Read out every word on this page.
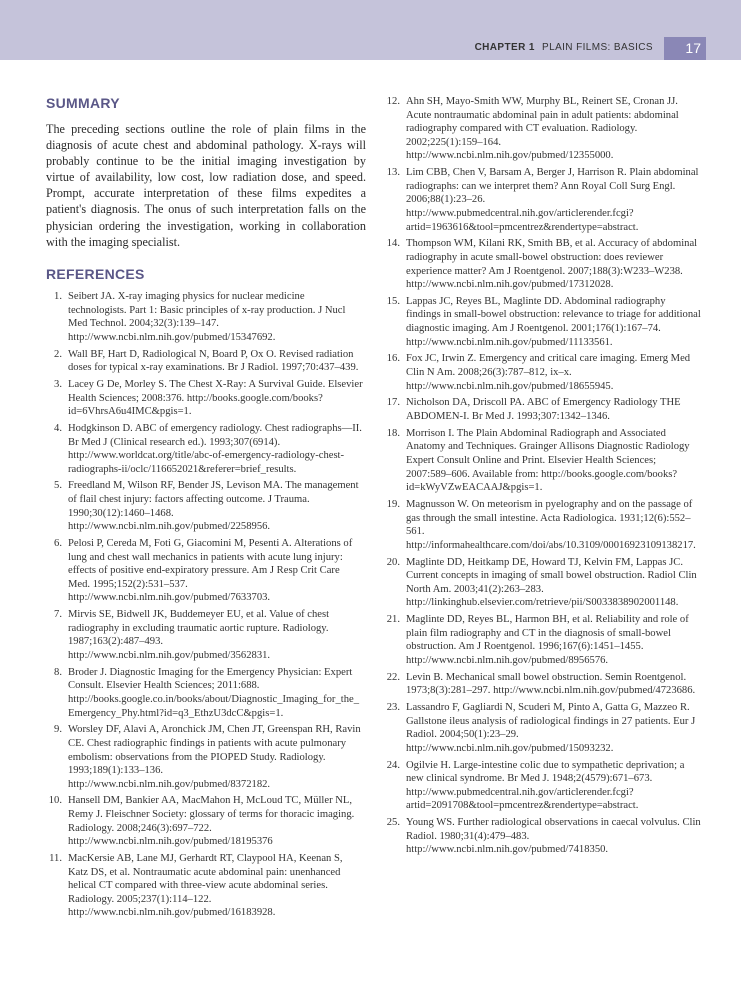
CHAPTER 1 PLAIN FILMS: BASICS 17
SUMMARY

The preceding sections outline the role of plain films in the diagnosis of acute chest and abdominal pathology. X-rays will probably continue to be the initial imaging investigation by virtue of availability, low cost, low radiation dose, and speed. Prompt, accurate interpretation of these films expedites a patient's diagnosis. The onus of such interpretation falls on the physician ordering the investigation, working in collaboration with the imaging specialist.

REFERENCES
1. Seibert JA. X-ray imaging physics for nuclear medicine technologists. Part 1: Basic principles of x-ray production. J Nucl Med Technol. 2004;32(3):139–147. http://www.ncbi.nlm.nih.gov/pubmed/15347692.
2. Wall BF, Hart D, Radiological N, Board P, Ox O. Revised radiation doses for typical x-ray examinations. Br J Radiol. 1997;70:437–439.
3. Lacey G De, Morley S. The Chest X-Ray: A Survival Guide. Elsevier Health Sciences; 2008:376. http://books.google.com/books?id=6VhrsA6u4IMC&pgis=1.
4. Hodgkinson D. ABC of emergency radiology. Chest radiographs—II. Br Med J (Clinical research ed.). 1993;307(6914). http://www.worldcat.org/title/abc-of-emergency-radiology-chest-radiographs-ii/oclc/116652021&referer=brief_results.
5. Freedland M, Wilson RF, Bender JS, Levison MA. The management of flail chest injury: factors affecting outcome. J Trauma. 1990;30(12):1460–1468. http://www.ncbi.nlm.nih.gov/pubmed/2258956.
6. Pelosi P, Cereda M, Foti G, Giacomini M, Pesenti A. Alterations of lung and chest wall mechanics in patients with acute lung injury: effects of positive end-expiratory pressure. Am J Resp Crit Care Med. 1995;152(2):531–537. http://www.ncbi.nlm.nih.gov/pubmed/7633703.
7. Mirvis SE, Bidwell JK, Buddemeyer EU, et al. Value of chest radiography in excluding traumatic aortic rupture. Radiology. 1987;163(2):487–493. http://www.ncbi.nlm.nih.gov/pubmed/3562831.
8. Broder J. Diagnostic Imaging for the Emergency Physician: Expert Consult. Elsevier Health Sciences; 2011:688. http://books.google.co.in/books/about/Diagnostic_Imaging_for_the_Emergency_Phy.html?id=q3_EthzU3dcC&pgis=1.
9. Worsley DF, Alavi A, Aronchick JM, Chen JT, Greenspan RH, Ravin CE. Chest radiographic findings in patients with acute pulmonary embolism: observations from the PIOPED Study. Radiology. 1993;189(1):133–136. http://www.ncbi.nlm.nih.gov/pubmed/8372182.
10. Hansell DM, Bankier AA, MacMahon H, McLoud TC, Müller NL, Remy J. Fleischner Society: glossary of terms for thoracic imaging. Radiology. 2008;246(3):697–722. http://www.ncbi.nlm.nih.gov/pubmed/18195376
11. MacKersie AB, Lane MJ, Gerhardt RT, Claypool HA, Keenan S, Katz DS, et al. Nontraumatic acute abdominal pain: unenhanced helical CT compared with three-view acute abdominal series. Radiology. 2005;237(1):114–122. http://www.ncbi.nlm.nih.gov/pubmed/16183928.
12. Ahn SH, Mayo-Smith WW, Murphy BL, Reinert SE, Cronan JJ. Acute nontraumatic abdominal pain in adult patients: abdominal radiography compared with CT evaluation. Radiology. 2002;225(1):159–164. http://www.ncbi.nlm.nih.gov/pubmed/12355000.
13. Lim CBB, Chen V, Barsam A, Berger J, Harrison R. Plain abdominal radiographs: can we interpret them? Ann Royal Coll Surg Engl. 2006;88(1):23–26. http://www.pubmedcentral.nih.gov/articlerender.fcgi?artid=1963616&tool=pmcentrez&rendertype=abstract.
14. Thompson WM, Kilani RK, Smith BB, et al. Accuracy of abdominal radiography in acute small-bowel obstruction: does reviewer experience matter? Am J Roentgenol. 2007;188(3):W233–W238. http://www.ncbi.nlm.nih.gov/pubmed/17312028.
15. Lappas JC, Reyes BL, Maglinte DD. Abdominal radiography findings in small-bowel obstruction: relevance to triage for additional diagnostic imaging. Am J Roentgenol. 2001;176(1):167–74. http://www.ncbi.nlm.nih.gov/pubmed/11133561.
16. Fox JC, Irwin Z. Emergency and critical care imaging. Emerg Med Clin N Am. 2008;26(3):787–812, ix–x. http://www.ncbi.nlm.nih.gov/pubmed/18655945.
17. Nicholson DA, Driscoll PA. ABC of Emergency Radiology THE ABDOMEN-I. Br Med J. 1993;307:1342–1346.
18. Morrison I. The Plain Abdominal Radiograph and Associated Anatomy and Techniques. Grainger Allisons Diagnostic Radiology Expert Consult Online and Print. Elsevier Health Sciences; 2007:589–606. Available from: http://books.google.com/books?id=kWyVZwEACAAJ&pgis=1.
19. Magnusson W. On meteorism in pyelography and on the passage of gas through the small intestine. Acta Radiologica. 1931;12(6):552–561. http://informahealthcare.com/doi/abs/10.3109/00016923109138217.
20. Maglinte DD, Heitkamp DE, Howard TJ, Kelvin FM, Lappas JC. Current concepts in imaging of small bowel obstruction. Radiol Clin North Am. 2003;41(2):263–283. http://linkinghub.elsevier.com/retrieve/pii/S0033838902001148.
21. Maglinte DD, Reyes BL, Harmon BH, et al. Reliability and role of plain film radiography and CT in the diagnosis of small-bowel obstruction. Am J Roentgenol. 1996;167(6):1451–1455. http://www.ncbi.nlm.nih.gov/pubmed/8956576.
22. Levin B. Mechanical small bowel obstruction. Semin Roentgenol. 1973;8(3):281–297. http://www.ncbi.nlm.nih.gov/pubmed/4723686.
23. Lassandro F, Gagliardi N, Scuderi M, Pinto A, Gatta G, Mazzeo R. Gallstone ileus analysis of radiological findings in 27 patients. Eur J Radiol. 2004;50(1):23–29. http://www.ncbi.nlm.nih.gov/pubmed/15093232.
24. Ogilvie H. Large-intestine colic due to sympathetic deprivation; a new clinical syndrome. Br Med J. 1948;2(4579):671–673. http://www.pubmedcentral.nih.gov/articlerender.fcgi?artid=2091708&tool=pmcentrez&rendertype=abstract.
25. Young WS. Further radiological observations in caecal volvulus. Clin Radiol. 1980;31(4):479–483. http://www.ncbi.nlm.nih.gov/pubmed/7418350.
